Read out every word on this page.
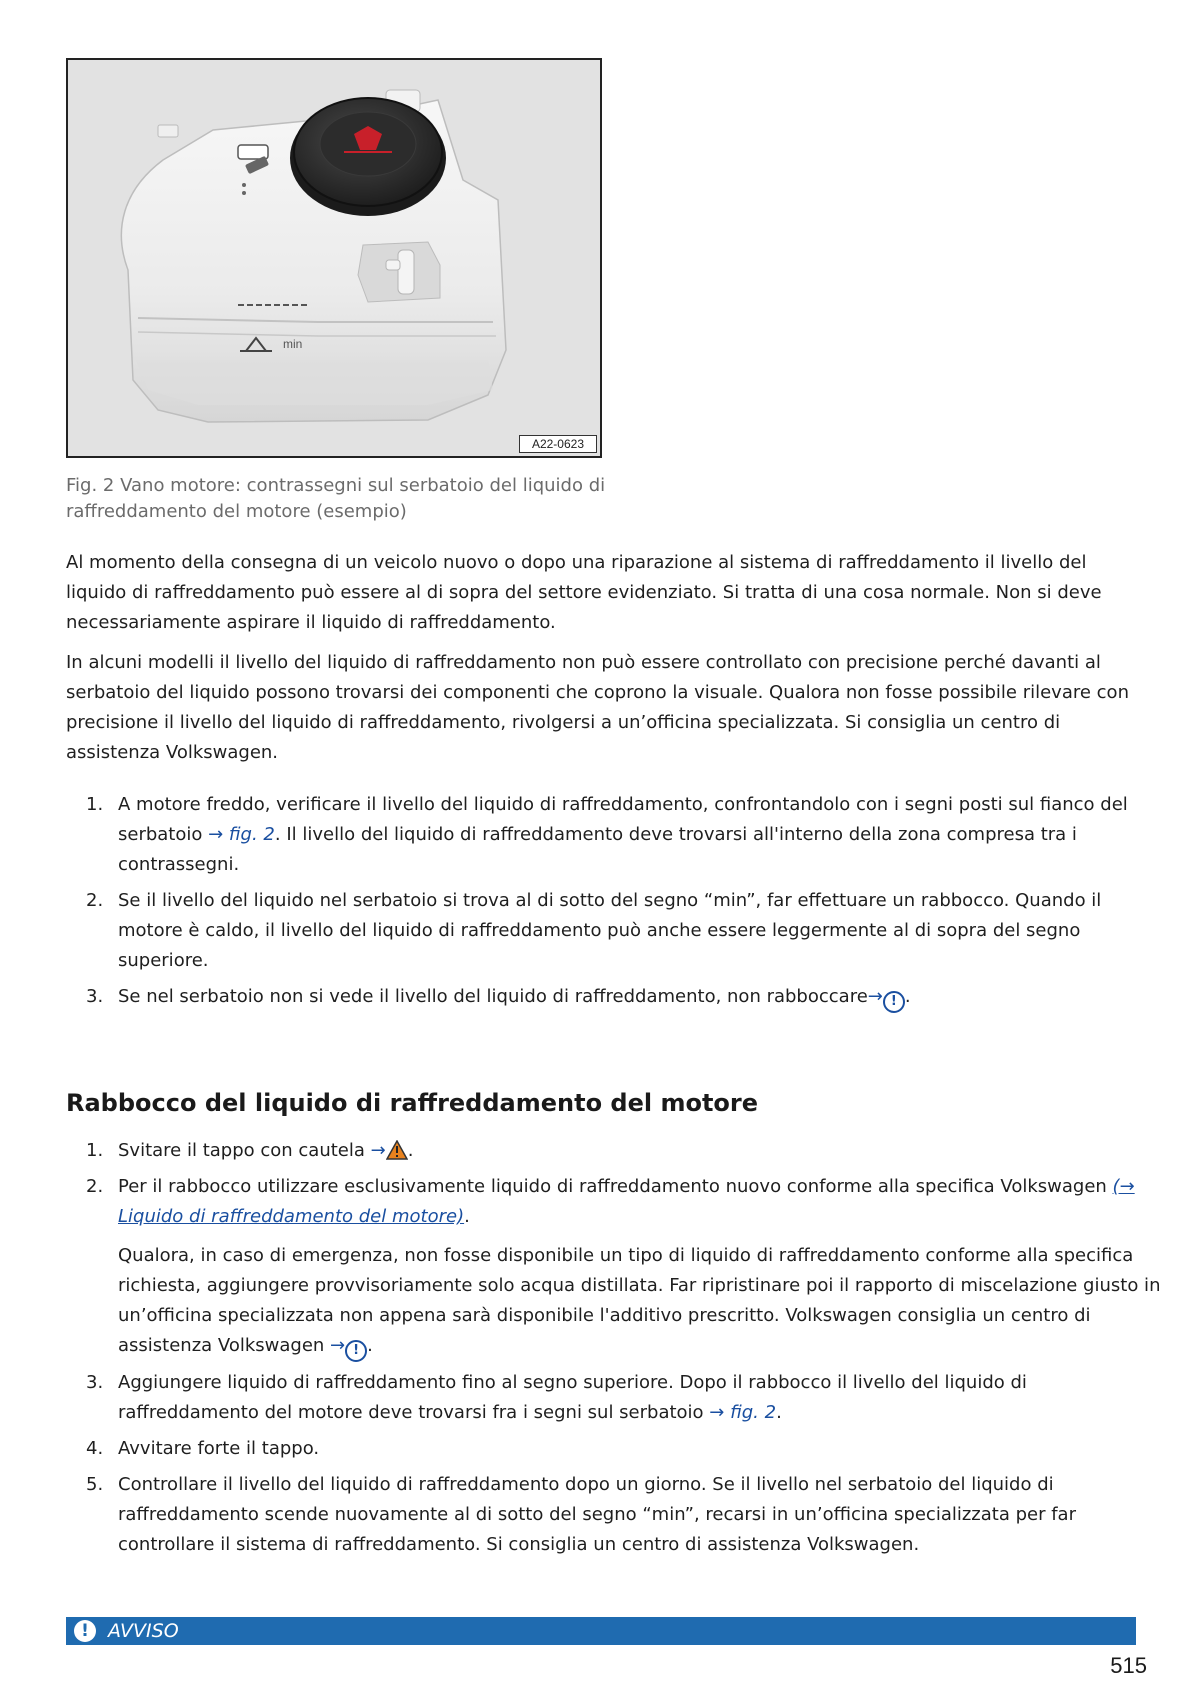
min
A22-0623
Fig. 2 Vano motore: contrassegni sul serbatoio del liquido di raffreddamento del motore (esempio)

Al momento della consegna di un veicolo nuovo o dopo una riparazione al sistema di raffreddamento il livello del liquido di raffreddamento può essere al di sopra del settore evidenziato. Si tratta di una cosa normale. Non si deve necessariamente aspirare il liquido di raffreddamento.

In alcuni modelli il livello del liquido di raffreddamento non può essere controllato con precisione perché davanti al serbatoio del liquido possono trovarsi dei componenti che coprono la visuale. Qualora non fosse possibile rilevare con precisione il livello del liquido di raffreddamento, rivolgersi a un’officina specializzata. Si consiglia un centro di assistenza Volkswagen.

1. A motore freddo, verificare il livello del liquido di raffreddamento, confrontandolo con i segni posti sul fianco del serbatoio → fig. 2. Il livello del liquido di raffreddamento deve trovarsi all'interno della zona compresa tra i contrassegni.
2. Se il livello del liquido nel serbatoio si trova al di sotto del segno “min”, far effettuare un rabbocco. Quando il motore è caldo, il livello del liquido di raffreddamento può anche essere leggermente al di sopra del segno superiore.
3. Se nel serbatoio non si vede il livello del liquido di raffreddamento, non rabboccare→ ! .
Rabbocco del liquido di raffreddamento del motore
1. Svitare il tappo con cautela → .
2. Per il rabbocco utilizzare esclusivamente liquido di raffreddamento nuovo conforme alla specifica Volkswagen (→ Liquido di raffreddamento del motore).
Qualora, in caso di emergenza, non fosse disponibile un tipo di liquido di raffreddamento conforme alla specifica richiesta, aggiungere provvisoriamente solo acqua distillata. Far ripristinare poi il rapporto di miscelazione giusto in un’officina specializzata non appena sarà disponibile l'additivo prescritto. Volkswagen consiglia un centro di assistenza Volkswagen → ! .
3. Aggiungere liquido di raffreddamento fino al segno superiore. Dopo il rabbocco il livello del liquido di raffreddamento del motore deve trovarsi fra i segni sul serbatoio → fig. 2.
4. Avvitare forte il tappo.
5. Controllare il livello del liquido di raffreddamento dopo un giorno. Se il livello nel serbatoio del liquido di raffreddamento scende nuovamente al di sotto del segno “min”, recarsi in un’officina specializzata per far controllare il sistema di raffreddamento. Si consiglia un centro di assistenza Volkswagen.
!	AVVISO
515
